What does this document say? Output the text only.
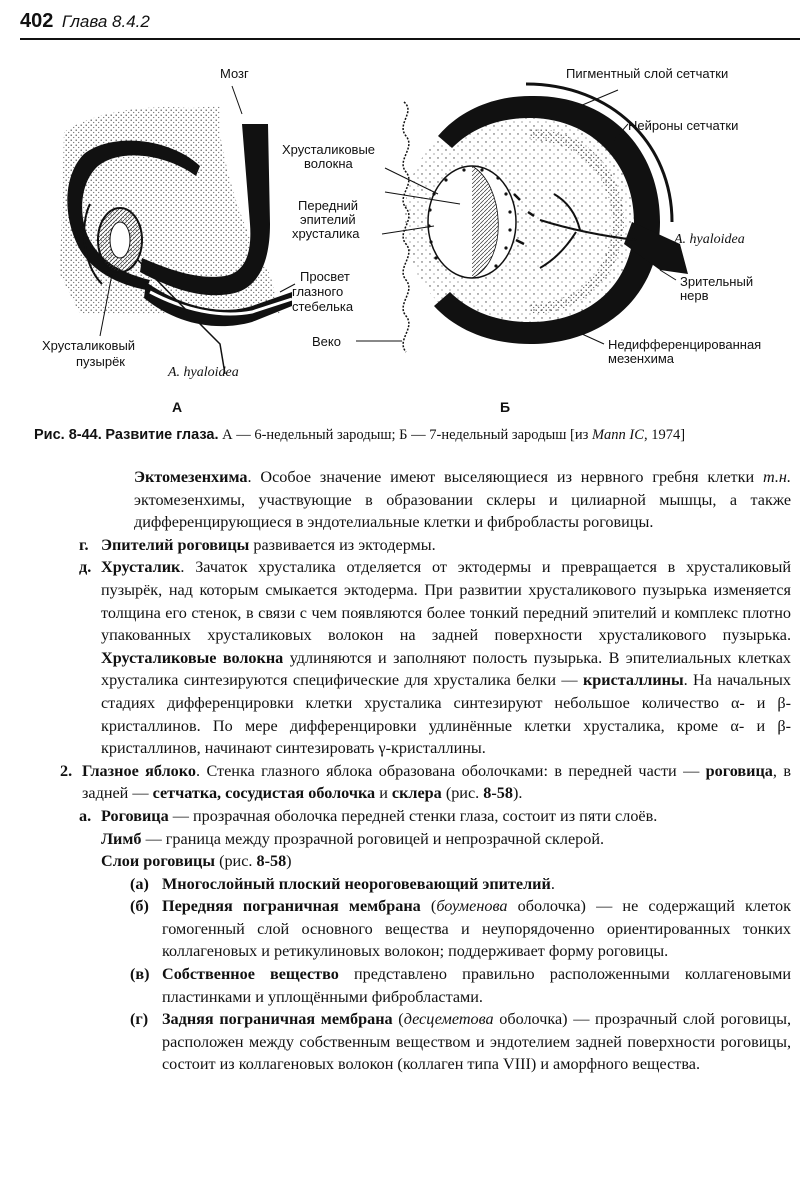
402 Глава 8.4.2
Мозг
Хрусталиковый
пузырёк
A. hyaloidea
Просвет
глазного
стебелька
А
Хрусталиковые
волокна
Передний
эпителий
хрусталика
Веко
Пигментный слой сетчатки
Нейроны сетчатки
A. hyaloidea
Зрительный
нерв
Недифференцированная
мезенхима
Б
Рис. 8-44. Развитие глаза. А — 6-недельный зародыш; Б — 7-недельный зародыш [из Mann IC, 1974]

Эктомезенхима. Особое значение имеют выселяющиеся из нервного гребня клетки т.н. эктомезенхимы, участвующие в образовании склеры и цилиарной мышцы, а также дифференцирующиеся в эндотелиальные клетки и фибробласты роговицы.

г. Эпителий роговицы развивается из эктодермы.

д. Хрусталик. Зачаток хрусталика отделяется от эктодермы и превращается в хрусталиковый пузырёк, над которым смыкается эктодерма. При развитии хрусталикового пузырька изменяется толщина его стенок, в связи с чем появляются более тонкий передний эпителий и комплекс плотно упакованных хрусталиковых волокон на задней поверхности хрусталикового пузырька. Хрусталиковые волокна удлиняются и заполняют полость пузырька. В эпителиальных клетках хрусталика синтезируются специфические для хрусталика белки — кристаллины. На начальных стадиях дифференцировки клетки хрусталика синтезируют небольшое количество α- и β-кристаллинов. По мере дифференцировки удлинённые клетки хрусталика, кроме α- и β-кристаллинов, начинают синтезировать γ-кристаллины.

2. Глазное яблоко. Стенка глазного яблока образована оболочками: в передней части — роговица, в задней — сетчатка, сосудистая оболочка и склера (рис. 8-58).

а. Роговица — прозрачная оболочка передней стенки глаза, состоит из пяти слоёв.

Лимб — граница между прозрачной роговицей и непрозрачной склерой.

Слои роговицы (рис. 8-58)

(а) Многослойный плоский неороговевающий эпителий.

(б) Передняя пограничная мембрана (боуменова оболочка) — не содержащий клеток гомогенный слой основного вещества и неупорядоченно ориентированных тонких коллагеновых и ретикулиновых волокон; поддерживает форму роговицы.

(в) Собственное вещество представлено правильно расположенными коллагеновыми пластинками и уплощёнными фибробластами.

(г) Задняя пограничная мембрана (десцеметова оболочка) — прозрачный слой роговицы, расположен между собственным веществом и эндотелием задней поверхности роговицы, состоит из коллагеновых волокон (коллаген типа VIII) и аморфного вещества.
